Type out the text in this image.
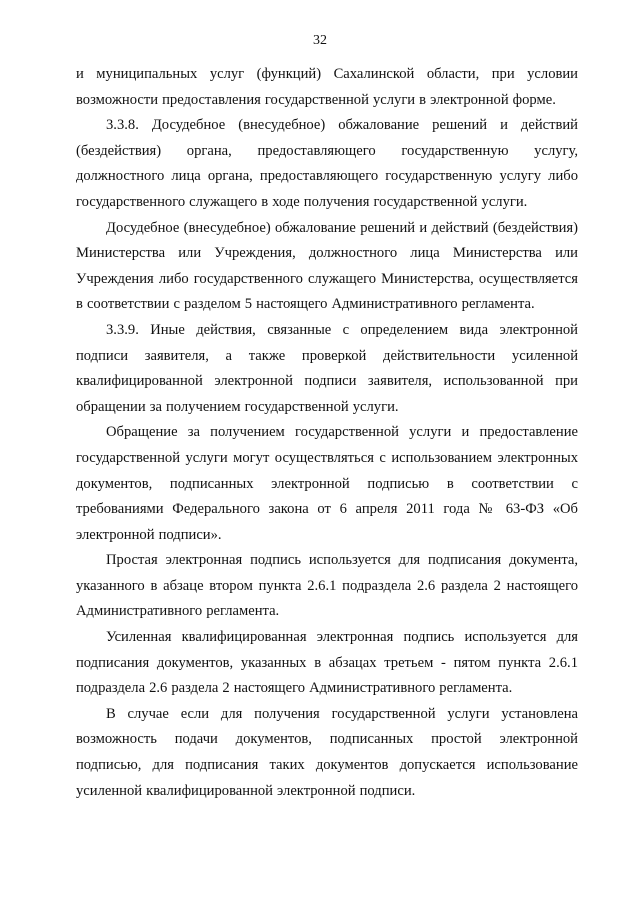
32

и муниципальных услуг (функций) Сахалинской области, при условии возможности предоставления государственной услуги в электронной форме.

3.3.8. Досудебное (внесудебное) обжалование решений и действий (бездействия) органа, предоставляющего государственную услугу, должностного лица органа, предоставляющего государственную услугу либо государственного служащего в ходе получения государственной услуги.

Досудебное (внесудебное) обжалование решений и действий (бездействия) Министерства или Учреждения, должностного лица Министерства или Учреждения либо государственного служащего Министерства, осуществляется в соответствии с разделом 5 настоящего Административного регламента.

3.3.9. Иные действия, связанные с определением вида электронной подписи заявителя, а также проверкой действительности усиленной квалифицированной электронной подписи заявителя, использованной при обращении за получением государственной услуги.

Обращение за получением государственной услуги и предоставление государственной услуги могут осуществляться с использованием электронных документов, подписанных электронной подписью в соответствии с требованиями Федерального закона от 6 апреля 2011 года № 63-ФЗ «Об электронной подписи».

Простая электронная подпись используется для подписания документа, указанного в абзаце втором пункта 2.6.1 подраздела 2.6 раздела 2 настоящего Административного регламента.

Усиленная квалифицированная электронная подпись используется для подписания документов, указанных в абзацах третьем - пятом пункта 2.6.1 подраздела 2.6 раздела 2 настоящего Административного регламента.

В случае если для получения государственной услуги установлена возможность подачи документов, подписанных простой электронной подписью, для подписания таких документов допускается использование усиленной квалифицированной электронной подписи.
